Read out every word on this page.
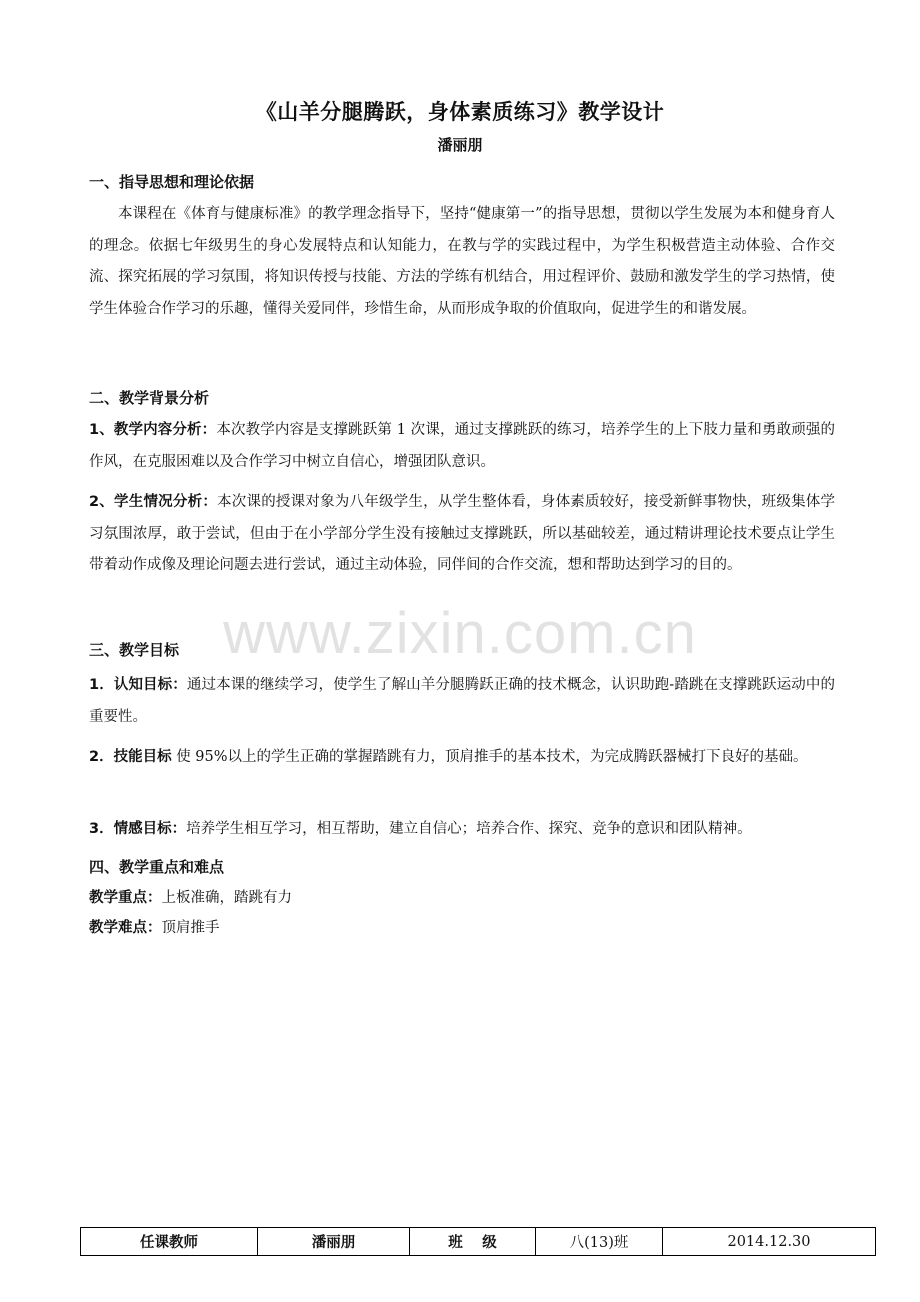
《山羊分腿腾跃，身体素质练习》教学设计
潘丽朋
一、指导思想和理论依据
本课程在《体育与健康标准》的教学理念指导下，坚持“健康第一”的指导思想，贯彻以学生发展为本和健身育人的理念。依据七年级男生的身心发展特点和认知能力，在教与学的实践过程中，为学生积极营造主动体验、合作交流、探究拓展的学习氛围，将知识传授与技能、方法的学练有机结合，用过程评价、鼓励和激发学生的学习热情，使学生体验合作学习的乐趣，懂得关爱同伴，珍惜生命，从而形成争取的价值取向，促进学生的和谐发展。
二、教学背景分析
1、教学内容分析：本次教学内容是支撑跳跃第 1 次课，通过支撑跳跃的练习，培养学生的上下肢力量和勇敢顽强的作风，在克服困难以及合作学习中树立自信心，增强团队意识。
2、学生情况分析：本次课的授课对象为八年级学生，从学生整体看，身体素质较好，接受新鲜事物快，班级集体学习氛围浓厚，敢于尝试，但由于在小学部分学生没有接触过支撑跳跃，所以基础较差，通过精讲理论技术要点让学生带着动作成像及理论问题去进行尝试，通过主动体验，同伴间的合作交流，想和帮助达到学习的目的。
三、教学目标
1．认知目标：通过本课的继续学习，使学生了解山羊分腿腾跃正确的技术概念，认识助跑-踏跳在支撑跳跃运动中的重要性。
2．技能目标 使 95%以上的学生正确的掌握踏跳有力，顶肩推手的基本技术，为完成腾跃器械打下良好的基础。
3．情感目标：培养学生相互学习，相互帮助，建立自信心；培养合作、探究、竞争的意识和团队精神。
四、教学重点和难点
教学重点：上板准确，踏跳有力
教学难点：顶肩推手
www.zixin.com.cn
任课教师	潘丽朋	班　 级	八(13)班	2014.12.30
